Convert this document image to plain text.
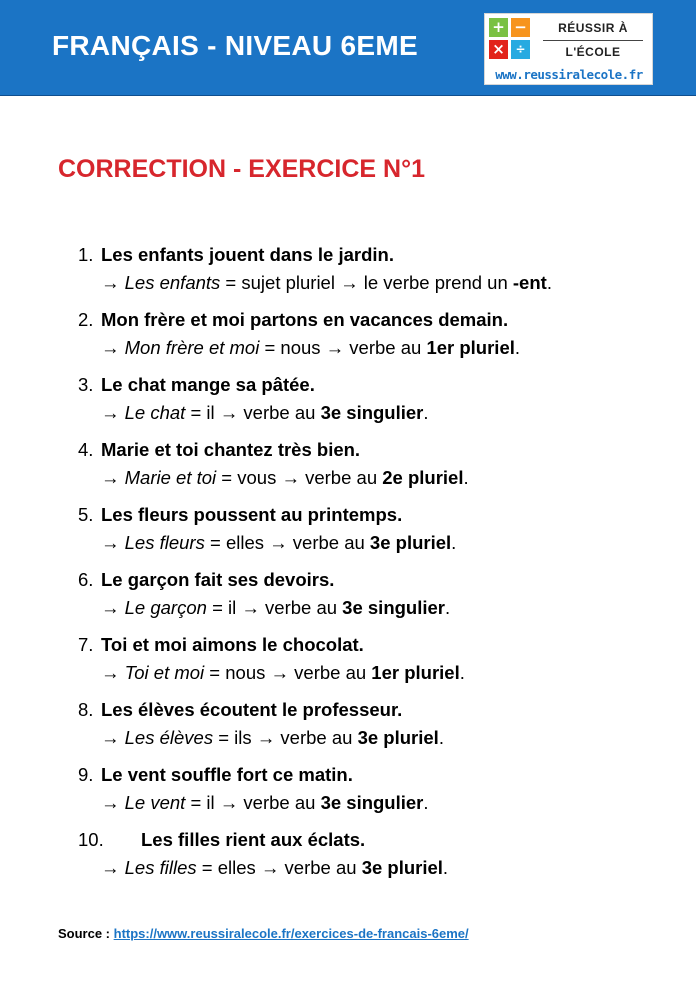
FRANÇAIS - NIVEAU 6EME
+ −
× ÷
RÉUSSIR À
L'ÉCOLE
www.reussiralecole.fr
CORRECTION - EXERCICE N°1
1. Les enfants jouent dans le jardin.
→ Les enfants = sujet pluriel → le verbe prend un -ent.
2. Mon frère et moi partons en vacances demain.
→ Mon frère et moi = nous → verbe au 1er pluriel.
3. Le chat mange sa pâtée.
→ Le chat = il → verbe au 3e singulier.
4. Marie et toi chantez très bien.
→ Marie et toi = vous → verbe au 2e pluriel.
5. Les fleurs poussent au printemps.
→ Les fleurs = elles → verbe au 3e pluriel.
6. Le garçon fait ses devoirs.
→ Le garçon = il → verbe au 3e singulier.
7. Toi et moi aimons le chocolat.
→ Toi et moi = nous → verbe au 1er pluriel.
8. Les élèves écoutent le professeur.
→ Les élèves = ils → verbe au 3e pluriel.
9. Le vent souffle fort ce matin.
→ Le vent = il → verbe au 3e singulier.
10. Les filles rient aux éclats.
→ Les filles = elles → verbe au 3e pluriel.
Source : https://www.reussiralecole.fr/exercices-de-francais-6eme/
